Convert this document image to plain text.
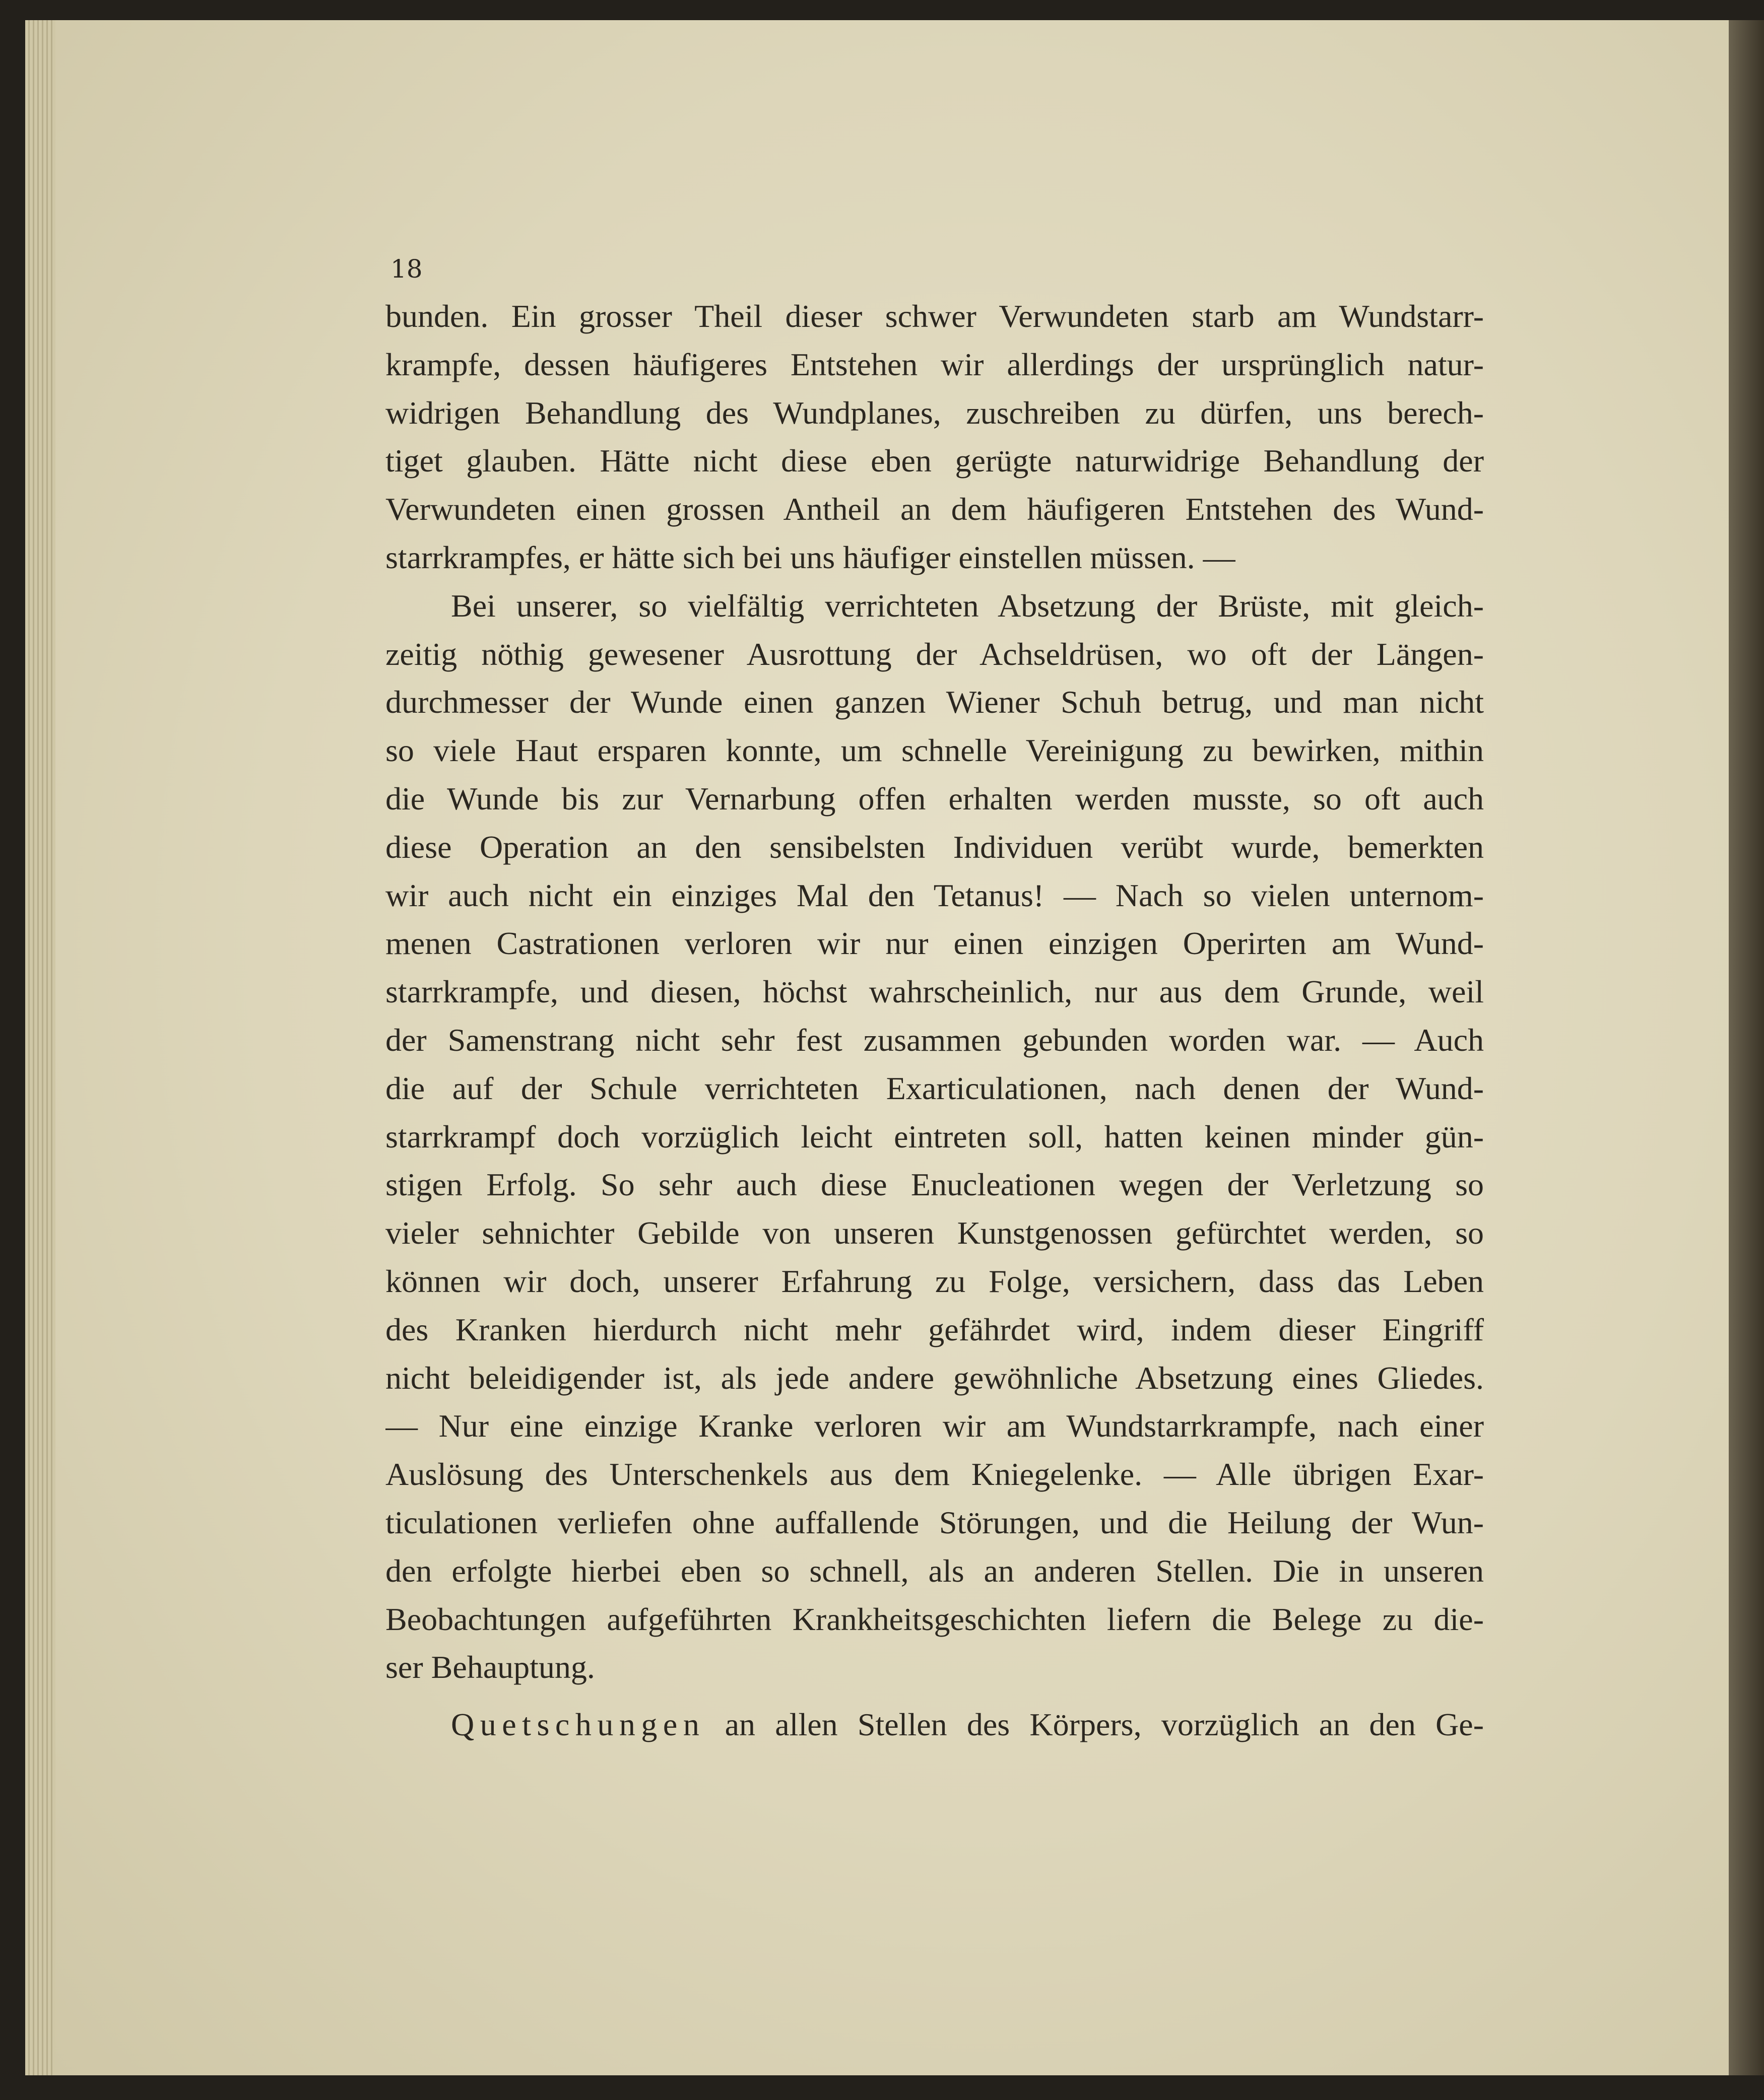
18
bunden. Ein grosser Theil dieser schwer Verwundeten starb am Wundstarr-
krampfe, dessen häufigeres Entstehen wir allerdings der ursprünglich natur-
widrigen Behandlung des Wundplanes, zuschreiben zu dürfen, uns berech-
tiget glauben. Hätte nicht diese eben gerügte naturwidrige Behandlung der
Verwundeten einen grossen Antheil an dem häufigeren Entstehen des Wund-
starrkrampfes, er hätte sich bei uns häufiger einstellen müssen. —
Bei unserer, so vielfältig verrichteten Absetzung der Brüste, mit gleich-
zeitig nöthig gewesener Ausrottung der Achseldrüsen, wo oft der Längen-
durchmesser der Wunde einen ganzen Wiener Schuh betrug, und man nicht
so viele Haut ersparen konnte, um schnelle Vereinigung zu bewirken, mithin
die Wunde bis zur Vernarbung offen erhalten werden musste, so oft auch
diese Operation an den sensibelsten Individuen verübt wurde, bemerkten
wir auch nicht ein einziges Mal den Tetanus! — Nach so vielen unternom-
menen Castrationen verloren wir nur einen einzigen Operirten am Wund-
starrkrampfe, und diesen, höchst wahrscheinlich, nur aus dem Grunde, weil
der Samenstrang nicht sehr fest zusammen gebunden worden war. — Auch
die auf der Schule verrichteten Exarticulationen, nach denen der Wund-
starrkrampf doch vorzüglich leicht eintreten soll, hatten keinen minder gün-
stigen Erfolg. So sehr auch diese Enucleationen wegen der Verletzung so
vieler sehnichter Gebilde von unseren Kunstgenossen gefürchtet werden, so
können wir doch, unserer Erfahrung zu Folge, versichern, dass das Leben
des Kranken hierdurch nicht mehr gefährdet wird, indem dieser Eingriff
nicht beleidigender ist, als jede andere gewöhnliche Absetzung eines Gliedes.
— Nur eine einzige Kranke verloren wir am Wundstarrkrampfe, nach einer
Auslösung des Unterschenkels aus dem Kniegelenke. — Alle übrigen Exar-
ticulationen verliefen ohne auffallende Störungen, und die Heilung der Wun-
den erfolgte hierbei eben so schnell, als an anderen Stellen. Die in unseren
Beobachtungen aufgeführten Krankheitsgeschichten liefern die Belege zu die-
ser Behauptung.
Quetschungen an allen Stellen des Körpers, vorzüglich an den Ge-
